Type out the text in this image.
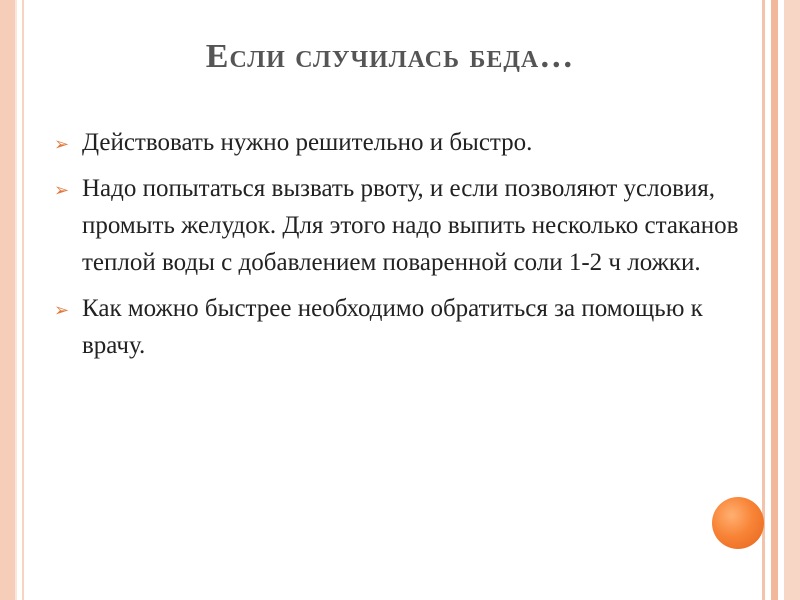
Если случилась беда…
➢ Действовать нужно решительно и быстро.
➢ Надо попытаться вызвать рвоту, и если позволяют условия, промыть желудок. Для этого надо выпить несколько стаканов теплой воды с добавлением поваренной соли 1-2 ч ложки.
➢ Как можно быстрее необходимо обратиться за помощью к врачу.
